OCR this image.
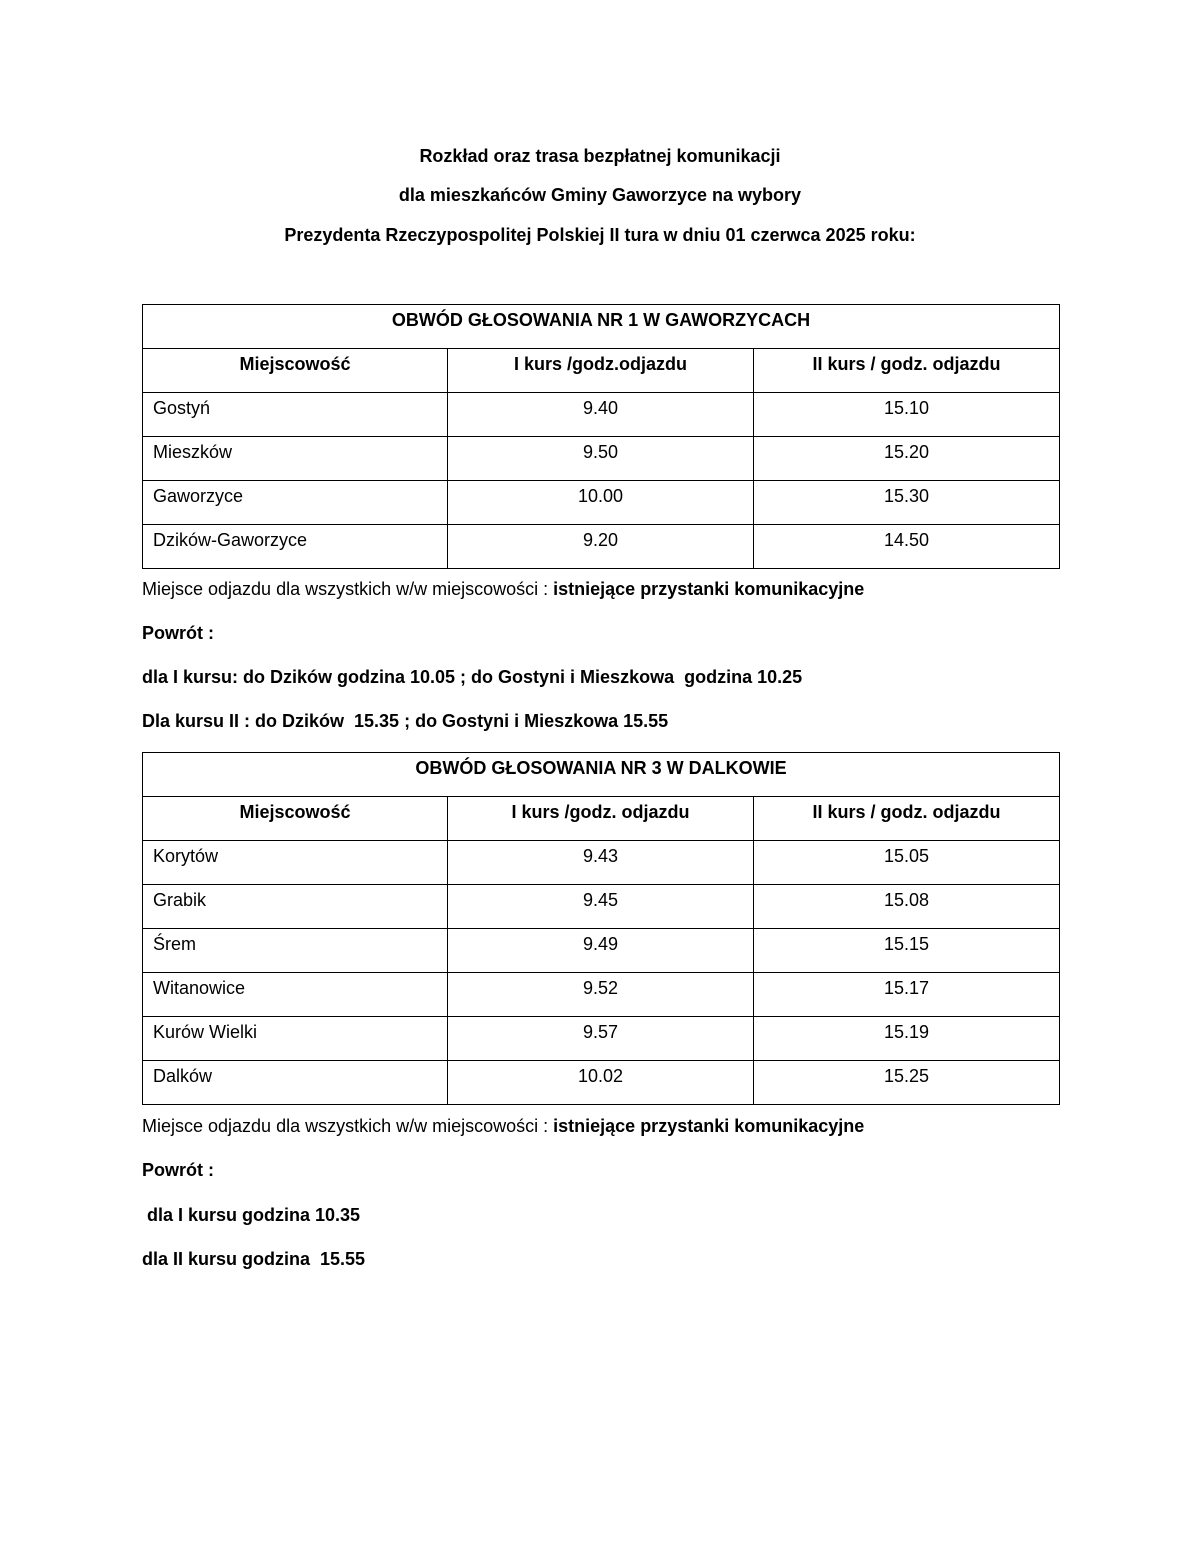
Rozkład oraz trasa bezpłatnej komunikacji
dla mieszkańców Gminy Gaworzyce na wybory
Prezydenta Rzeczypospolitej Polskiej II tura w dniu 01 czerwca 2025 roku:
OBWÓD GŁOSOWANIA NR 1 W GAWORZYCACH		
Miejscowość	I kurs /godz.odjazdu	II kurs / godz. odjazdu
Gostyń	9.40	15.10
Mieszków	9.50	15.20
Gaworzyce	10.00	15.30
Dzików-Gaworzyce	9.20	14.50
Miejsce odjazdu dla wszystkich w/w miejscowości : istniejące przystanki komunikacyjne
Powrót :
dla I kursu: do Dzików godzina 10.05 ; do Gostyni i Mieszkowa  godzina 10.25
Dla kursu II : do Dzików  15.35 ; do Gostyni i Mieszkowa 15.55
OBWÓD GŁOSOWANIA NR 3 W DALKOWIE		
Miejscowość	I kurs /godz. odjazdu	II kurs / godz. odjazdu
Korytów	9.43	15.05
Grabik	9.45	15.08
Śrem	9.49	15.15
Witanowice	9.52	15.17
Kurów Wielki	9.57	15.19
Dalków	10.02	15.25
Miejsce odjazdu dla wszystkich w/w miejscowości : istniejące przystanki komunikacyjne
Powrót :
dla I kursu godzina 10.35
dla II kursu godzina  15.55
